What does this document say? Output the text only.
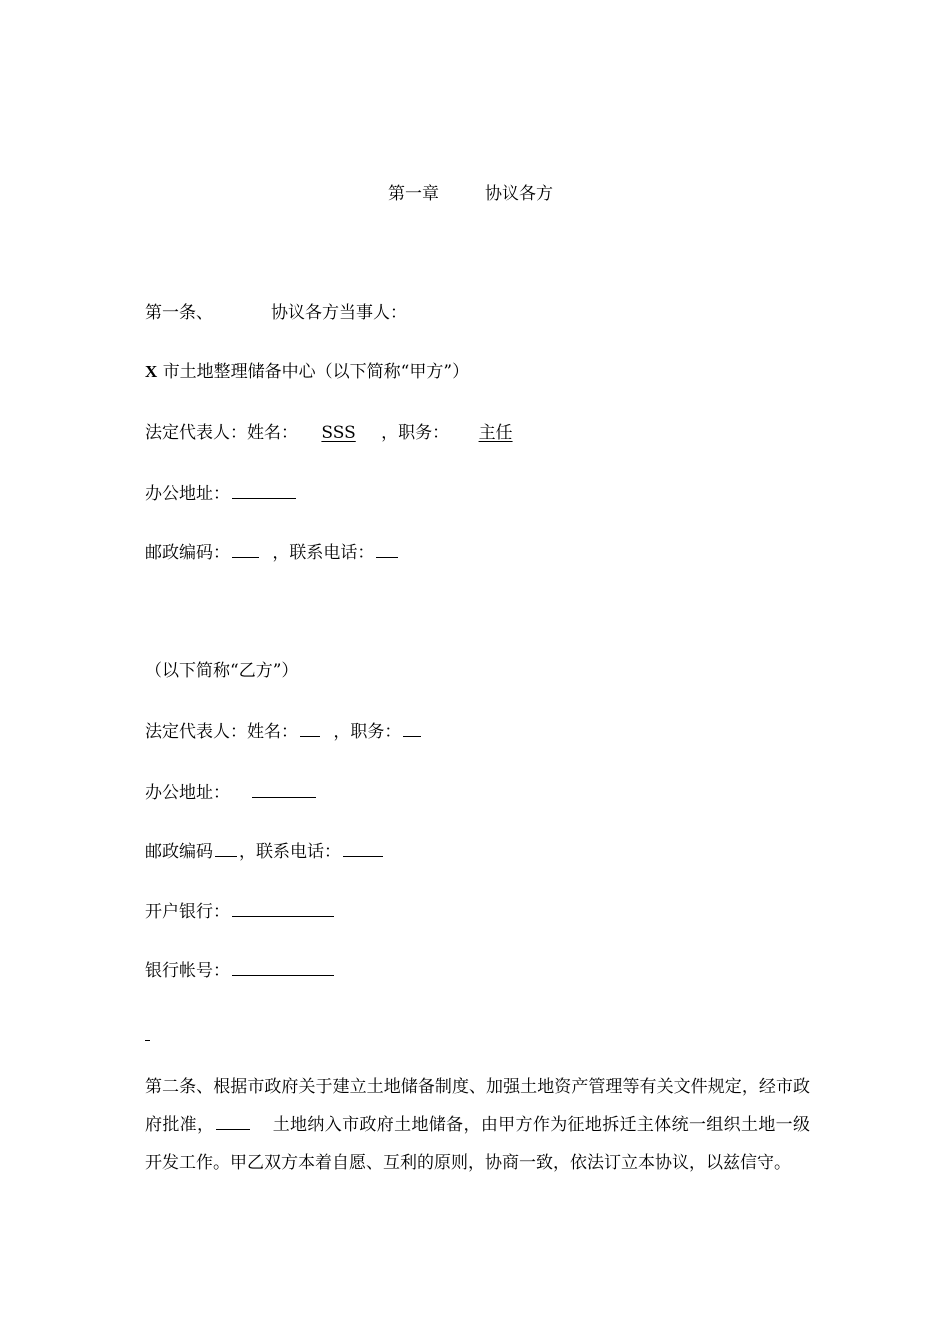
第一章	协议各方
第一条、	协议各方当事人：
X 市土地整理储备中心（以下简称“甲方”）
法定代表人：姓名： SSS ，职务： 主任
办公地址：
邮政编码： ，联系电话：
（以下简称“乙方”）
法定代表人：姓名： ，职务：
办公地址：
邮政编码 ，联系电话：
开户银行：
银行帐号：
第二条、根据市政府关于建立土地储备制度、加强土地资产管理等有关文件规定，经市政府批准，	土地纳入市政府土地储备，由甲方作为征地拆迁主体统一组织土地一级开发工作。甲乙双方本着自愿、互利的原则，协商一致，依法订立本协议，以兹信守。
